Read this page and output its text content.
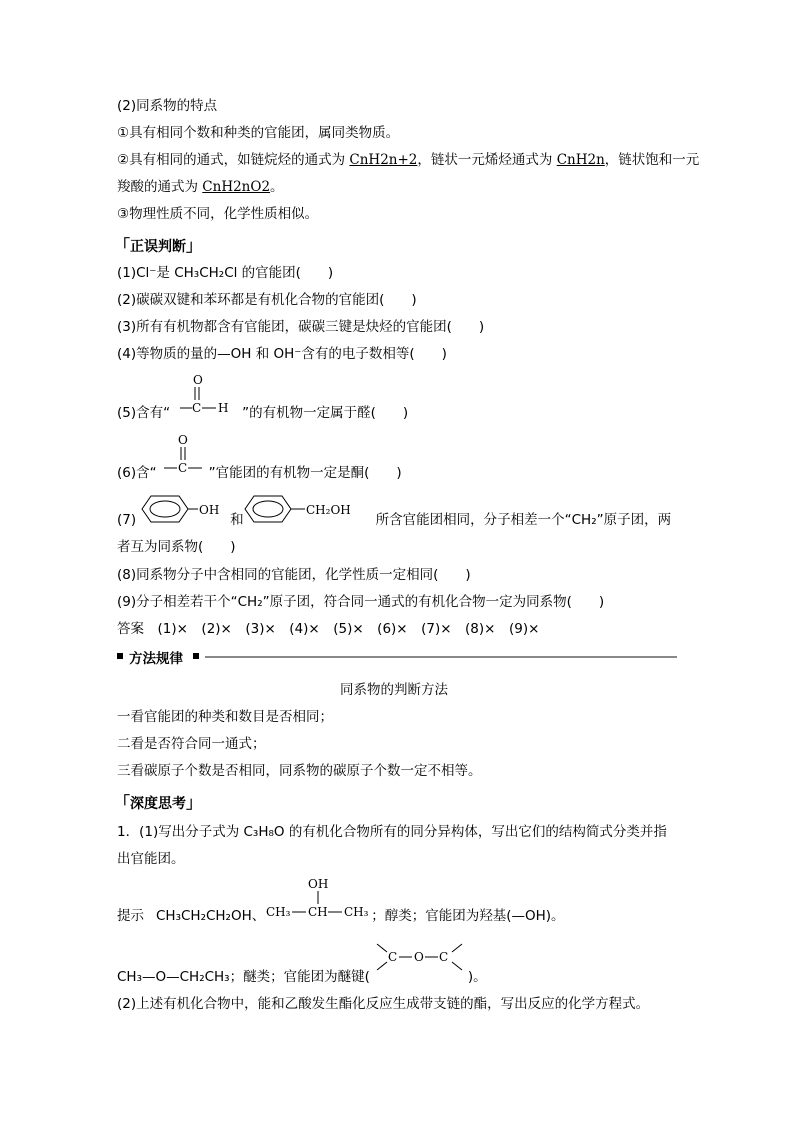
(2)同系物的特点
①具有相同个数和种类的官能团，属同类物质。
②具有相同的通式，如链烷烃的通式为 CnH2n+2，链状一元烯烃通式为 CnH2n，链状饱和一元
羧酸的通式为 CnH2nO2。
③物理性质不同，化学性质相似。
「正误判断」
(1)Cl⁻是 CH₃CH₂Cl 的官能团(　　)
(2)碳碳双键和苯环都是有机化合物的官能团(　　)
(3)所有有机物都含有官能团，碳碳三键是炔烃的官能团(　　)
(4)等物质的量的—OH 和 OH⁻含有的电子数相等(　　)
(5)含有“	”的有机物一定属于醛(　　)
O
C H
(6)含“	”官能团的有机物一定是酮(　　)
O
C
(7)	和	所含官能团相同，分子相差一个“CH₂”原子团，两
OH	CH₂OH
者互为同系物(　　)
(8)同系物分子中含相同的官能团，化学性质一定相同(　　)
(9)分子相差若干个“CH₂”原子团，符合同一通式的有机化合物一定为同系物(　　)
答案　(1)×　(2)×　(3)×　(4)×　(5)×　(6)×　(7)×　(8)×　(9)×
方法规律
同系物的判断方法
一看官能团的种类和数目是否相同；
二看是否符合同一通式；
三看碳原子个数是否相同，同系物的碳原子个数一定不相等。
「深度思考」
1．(1)写出分子式为 C₃H₈O 的有机化合物所有的同分异构体，写出它们的结构简式分类并指
出官能团。
提示 CH₃CH₂CH₂OH、	；醇类；官能团为羟基(—OH)。
OH
CH₃ CH CH₃
CH₃—O—CH₂CH₃；醚类；官能团为醚键(	)。
C O C
(2)上述有机化合物中，能和乙酸发生酯化反应生成带支链的酯，写出反应的化学方程式。
